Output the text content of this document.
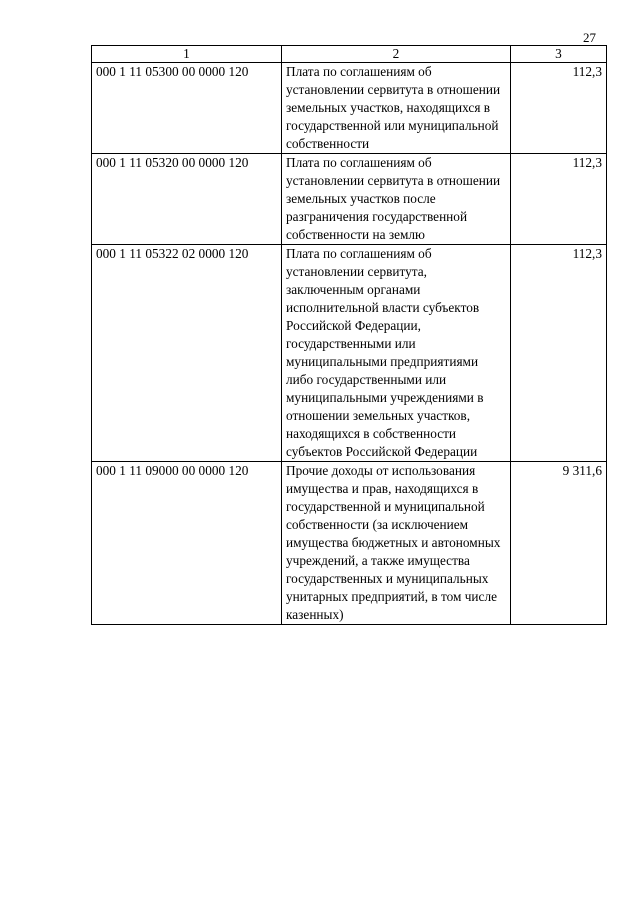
27
1	2	3
000 1 11 05300 00 0000 120	Плата по соглашениям об установлении сервитута в отношении земельных участков, находящихся в государственной или муниципальной собственности	112,3
000 1 11 05320 00 0000 120	Плата по соглашениям об установлении сервитута в отношении земельных участков после разграничения государственной собственности на землю	112,3
000 1 11 05322 02 0000 120	Плата по соглашениям об установлении сервитута, заключенным органами исполнительной власти субъектов Российской Федерации, государственными или муниципальными предприятиями либо государственными или муниципальными учреждениями в отношении земельных участков, находящихся в собственности субъектов Российской Федерации	112,3
000 1 11 09000 00 0000 120	Прочие доходы от использования имущества и прав, находящихся в государственной и муниципальной собственности (за исключением имущества бюджетных и автономных учреждений, а также имущества государственных и муниципальных унитарных предприятий, в том числе казенных)	9 311,6
